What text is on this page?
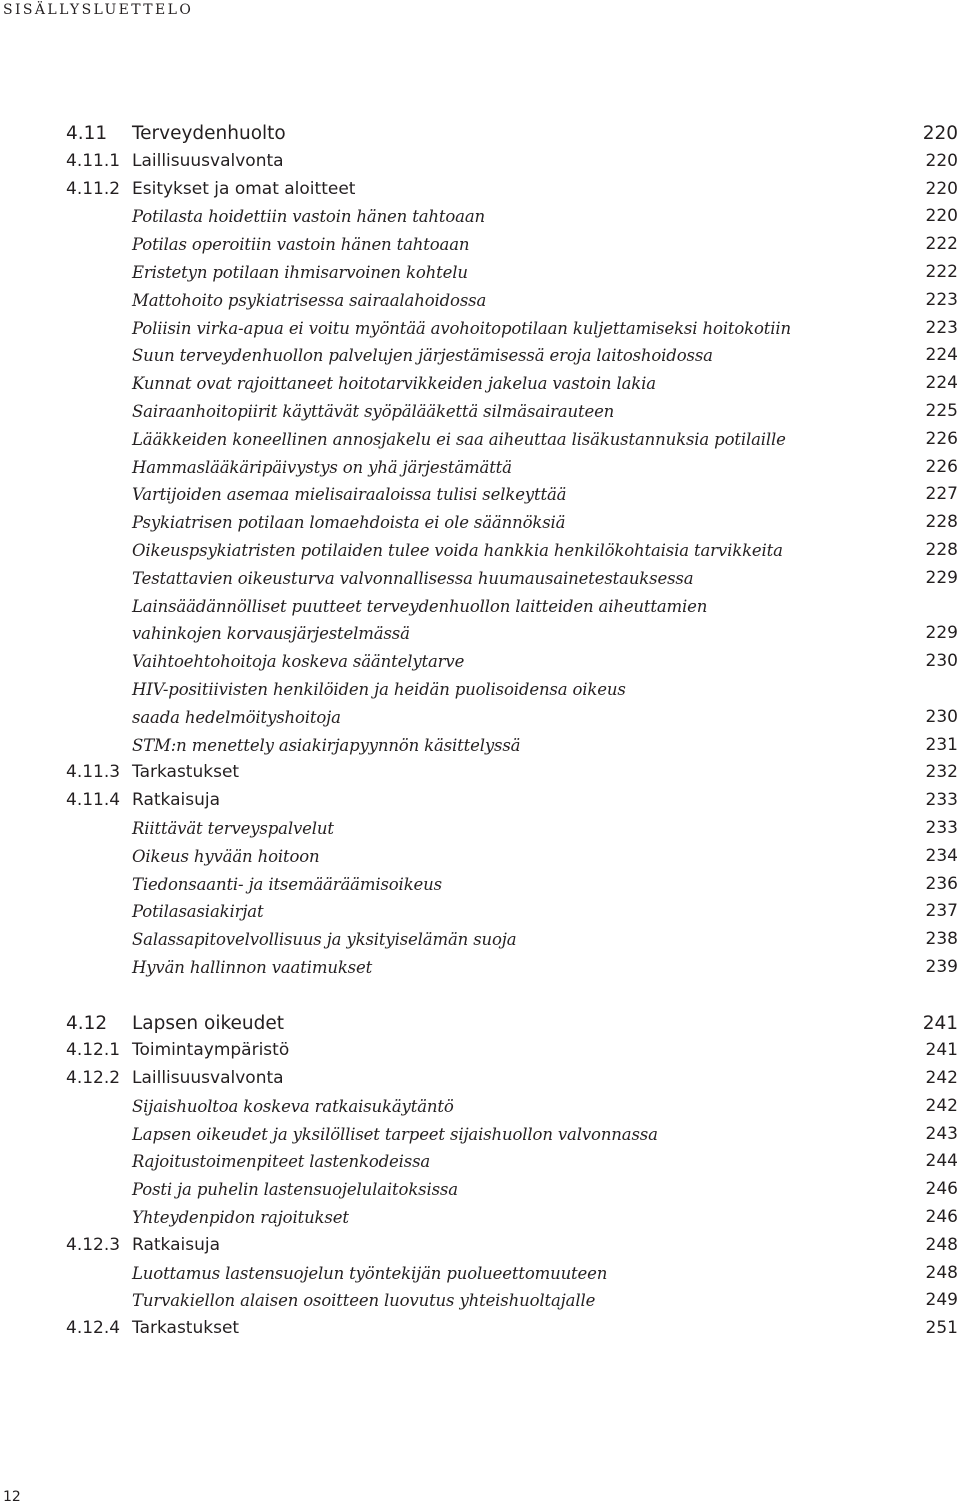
SISÄLLYSLUETTELO
4.11 Terveydenhuolto	220
4.11.1 Laillisuusvalvonta	220
4.11.2 Esitykset ja omat aloitteet	220
Potilasta hoidettiin vastoin hänen tahtoaan	220
Potilas operoitiin vastoin hänen tahtoaan	222
Eristetyn potilaan ihmisarvoinen kohtelu	222
Mattohoito psykiatrisessa sairaalahoidossa	223
Poliisin virka-apua ei voitu myöntää avohoitopotilaan kuljettamiseksi hoitokotiin	223
Suun terveydenhuollon palvelujen järjestämisessä eroja laitoshoidossa	224
Kunnat ovat rajoittaneet hoitotarvikkeiden jakelua vastoin lakia	224
Sairaanhoitopiirit käyttävät syöpälääkettä silmäsairauteen	225
Lääkkeiden koneellinen annosjakelu ei saa aiheuttaa lisäkustannuksia potilaille	226
Hammaslääkäripäivystys on yhä järjestämättä	226
Vartijoiden asemaa mielisairaaloissa tulisi selkeyttää	227
Psykiatrisen potilaan lomaehdoista ei ole säännöksiä	228
Oikeuspsykiatristen potilaiden tulee voida hankkia henkilökohtaisia tarvikkeita	228
Testattavien oikeusturva valvonnallisessa huumausainetestauksessa	229
Lainsäädännölliset puutteet terveydenhuollon laitteiden aiheuttamien
vahinkojen korvausjärjestelmässä	229
Vaihtoehtohoitoja koskeva sääntelytarve	230
HIV-positiivisten henkilöiden ja heidän puolisoidensa oikeus
saada hedelmöityshoitoja	230
STM:n menettely asiakirjapyynnön käsittelyssä	231
4.11.3 Tarkastukset	232
4.11.4 Ratkaisuja	233
Riittävät terveyspalvelut	233
Oikeus hyvään hoitoon	234
Tiedonsaanti- ja itsemääräämisoikeus	236
Potilasasiakirjat	237
Salassapitovelvollisuus ja yksityiselämän suoja	238
Hyvän hallinnon vaatimukset	239
4.12 Lapsen oikeudet	241
4.12.1 Toimintaympäristö	241
4.12.2 Laillisuusvalvonta	242
Sijaishuoltoa koskeva ratkaisukäytäntö	242
Lapsen oikeudet ja yksilölliset tarpeet sijaishuollon valvonnassa	243
Rajoitustoimenpiteet lastenkodeissa	244
Posti ja puhelin lastensuojelulaitoksissa	246
Yhteydenpidon rajoitukset	246
4.12.3 Ratkaisuja	248
Luottamus lastensuojelun työntekijän puolueettomuuteen	248
Turvakiellon alaisen osoitteen luovutus yhteishuoltajalle	249
4.12.4 Tarkastukset	251
12
